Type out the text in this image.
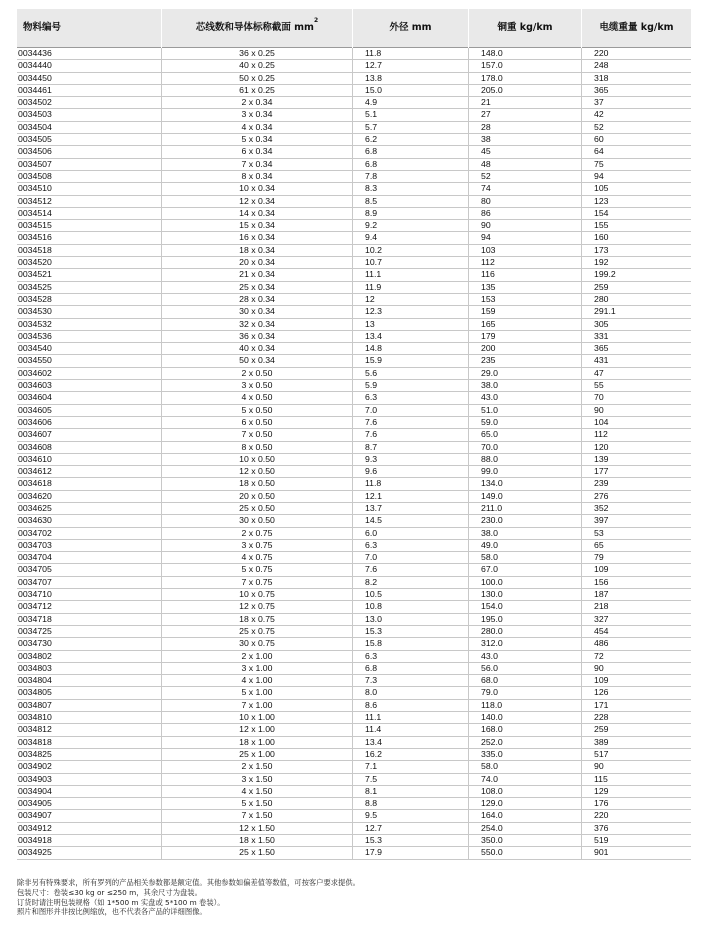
物料编号	芯线数和导体标称截面 $mm^2$	外径 mm	铜重 kg/km	电缆重量 kg/km
0034436	36 x 0.25	11.8	148.0	220
0034440	40 x 0.25	12.7	157.0	248
0034450	50 x 0.25	13.8	178.0	318
0034461	61 x 0.25	15.0	205.0	365
0034502	2 x 0.34	4.9	21	37
0034503	3 x 0.34	5.1	27	42
0034504	4 x 0.34	5.7	28	52
0034505	5 x 0.34	6.2	38	60
0034506	6 x 0.34	6.8	45	64
0034507	7 x 0.34	6.8	48	75
0034508	8 x 0.34	7.8	52	94
0034510	10 x 0.34	8.3	74	105
0034512	12 x 0.34	8.5	80	123
0034514	14 x 0.34	8.9	86	154
0034515	15 x 0.34	9.2	90	155
0034516	16 x 0.34	9.4	94	160
0034518	18 x 0.34	10.2	103	173
0034520	20 x 0.34	10.7	112	192
0034521	21 x 0.34	11.1	116	199.2
0034525	25 x 0.34	11.9	135	259
0034528	28 x 0.34	12	153	280
0034530	30 x 0.34	12.3	159	291.1
0034532	32 x 0.34	13	165	305
0034536	36 x 0.34	13.4	179	331
0034540	40 x 0.34	14.8	200	365
0034550	50 x 0.34	15.9	235	431
0034602	2 x 0.50	5.6	29.0	47
0034603	3 x 0.50	5.9	38.0	55
0034604	4 x 0.50	6.3	43.0	70
0034605	5 x 0.50	7.0	51.0	90
0034606	6 x 0.50	7.6	59.0	104
0034607	7 x 0.50	7.6	65.0	112
0034608	8 x 0.50	8.7	70.0	120
0034610	10 x 0.50	9.3	88.0	139
0034612	12 x 0.50	9.6	99.0	177
0034618	18 x 0.50	11.8	134.0	239
0034620	20 x 0.50	12.1	149.0	276
0034625	25 x 0.50	13.7	211.0	352
0034630	30 x 0.50	14.5	230.0	397
0034702	2 x 0.75	6.0	38.0	53
0034703	3 x 0.75	6.3	49.0	65
0034704	4 x 0.75	7.0	58.0	79
0034705	5 x 0.75	7.6	67.0	109
0034707	7 x 0.75	8.2	100.0	156
0034710	10 x 0.75	10.5	130.0	187
0034712	12 x 0.75	10.8	154.0	218
0034718	18 x 0.75	13.0	195.0	327
0034725	25 x 0.75	15.3	280.0	454
0034730	30 x 0.75	15.8	312.0	486
0034802	2 x 1.00	6.3	43.0	72
0034803	3 x 1.00	6.8	56.0	90
0034804	4 x 1.00	7.3	68.0	109
0034805	5 x 1.00	8.0	79.0	126
0034807	7 x 1.00	8.6	118.0	171
0034810	10 x 1.00	11.1	140.0	228
0034812	12 x 1.00	11.4	168.0	259
0034818	18 x 1.00	13.4	252.0	389
0034825	25 x 1.00	16.2	335.0	517
0034902	2 x 1.50	7.1	58.0	90
0034903	3 x 1.50	7.5	74.0	115
0034904	4 x 1.50	8.1	108.0	129
0034905	5 x 1.50	8.8	129.0	176
0034907	7 x 1.50	9.5	164.0	220
0034912	12 x 1.50	12.7	254.0	376
0034918	18 x 1.50	15.3	350.0	519
0034925	25 x 1.50	17.9	550.0	901
除非另有特殊要求，所有罗列的产品相关参数都是额定值。其他参数如偏差值等数值，可按客户要求提供。
包装尺寸：卷装≤30 kg or ≤250 m，其余尺寸为盘装。
订货时请注明包装规格（如 1*500 m 实盘或 5*100 m 卷装）。
照片和图形并非按比例缩放，也不代表各产品的详细图像。
